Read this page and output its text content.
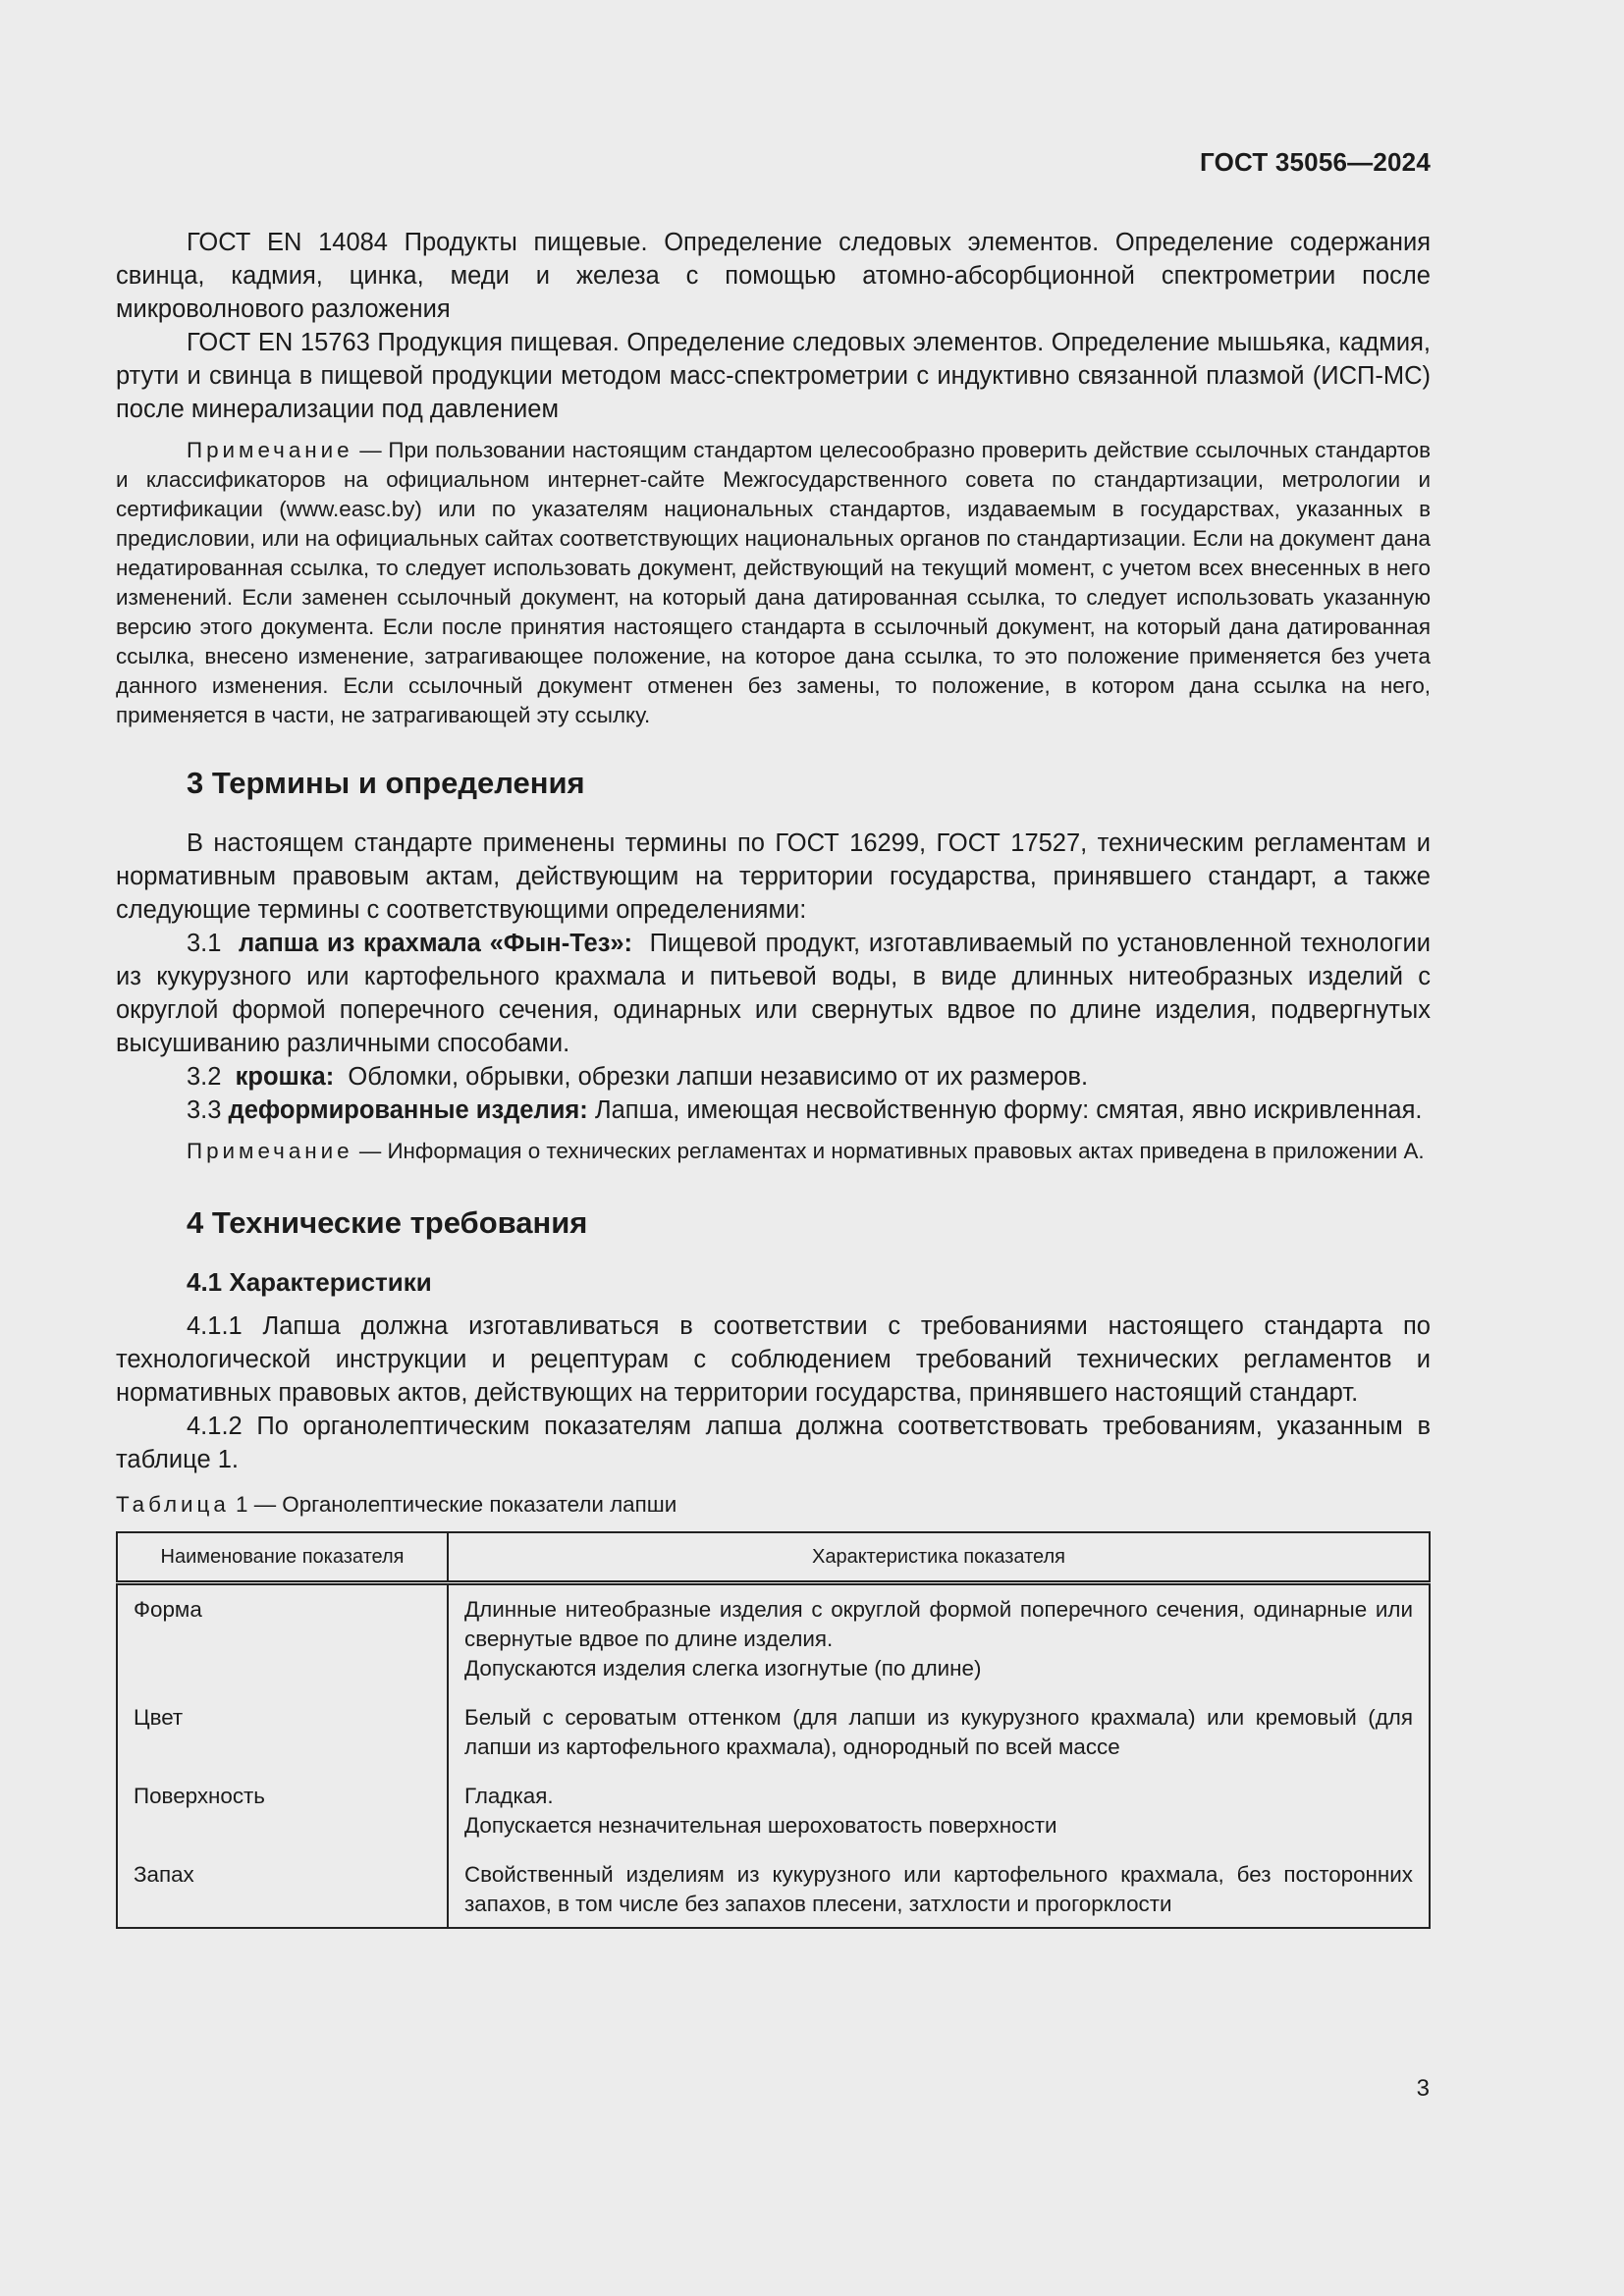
ГОСТ 35056—2024

ГОСТ EN 14084 Продукты пищевые. Определение следовых элементов. Определение содержания свинца, кадмия, цинка, меди и железа с помощью атомно-абсорбционной спектрометрии после микроволнового разложения

ГОСТ EN 15763 Продукция пищевая. Определение следовых элементов. Определение мышьяка, кадмия, ртути и свинца в пищевой продукции методом масс-спектрометрии с индуктивно связанной плазмой (ИСП-МС) после минерализации под давлением

Примечание — При пользовании настоящим стандартом целесообразно проверить действие ссылочных стандартов и классификаторов на официальном интернет-сайте Межгосударственного совета по стандартизации, метрологии и сертификации (www.easc.by) или по указателям национальных стандартов, издаваемым в государствах, указанных в предисловии, или на официальных сайтах соответствующих национальных органов по стандартизации. Если на документ дана недатированная ссылка, то следует использовать документ, действующий на текущий момент, с учетом всех внесенных в него изменений. Если заменен ссылочный документ, на который дана датированная ссылка, то следует использовать указанную версию этого документа. Если после принятия настоящего стандарта в ссылочный документ, на который дана датированная ссылка, внесено изменение, затрагивающее положение, на которое дана ссылка, то это положение применяется без учета данного изменения. Если ссылочный документ отменен без замены, то положение, в котором дана ссылка на него, применяется в части, не затрагивающей эту ссылку.

3 Термины и определения

В настоящем стандарте применены термины по ГОСТ 16299, ГОСТ 17527, техническим регламентам и нормативным правовым актам, действующим на территории государства, принявшего стандарт, а также следующие термины с соответствующими определениями:

3.1 лапша из крахмала «Фын-Тез»: Пищевой продукт, изготавливаемый по установленной технологии из кукурузного или картофельного крахмала и питьевой воды, в виде длинных нитеобразных изделий с округлой формой поперечного сечения, одинарных или свернутых вдвое по длине изделия, подвергнутых высушиванию различными способами.

3.2 крошка: Обломки, обрывки, обрезки лапши независимо от их размеров.

3.3 деформированные изделия: Лапша, имеющая несвойственную форму: смятая, явно искривленная.

Примечание — Информация о технических регламентах и нормативных правовых актах приведена в приложении А.

4 Технические требования
4.1 Характеристики

4.1.1 Лапша должна изготавливаться в соответствии с требованиями настоящего стандарта по технологической инструкции и рецептурам с соблюдением требований технических регламентов и нормативных правовых актов, действующих на территории государства, принявшего настоящий стандарт.

4.1.2 По органолептическим показателям лапша должна соответствовать требованиям, указанным в таблице 1.

Таблица 1 — Органолептические показатели лапши
Наименование показателя	Характеристика показателя
Форма	Длинные нитеобразные изделия с округлой формой поперечного сечения, одинарные или свернутые вдвое по длине изделия.
Допускаются изделия слегка изогнутые (по длине)

Цвет	Белый с сероватым оттенком (для лапши из кукурузного крахмала) или кремовый (для лапши из картофельного крахмала), однородный по всей массе

Поверхность	Гладкая.
Допускается незначительная шероховатость поверхности

Запах	Свойственный изделиям из кукурузного или картофельного крахмала, без посторонних запахов, в том числе без запахов плесени, затхлости и прогорклости
3
